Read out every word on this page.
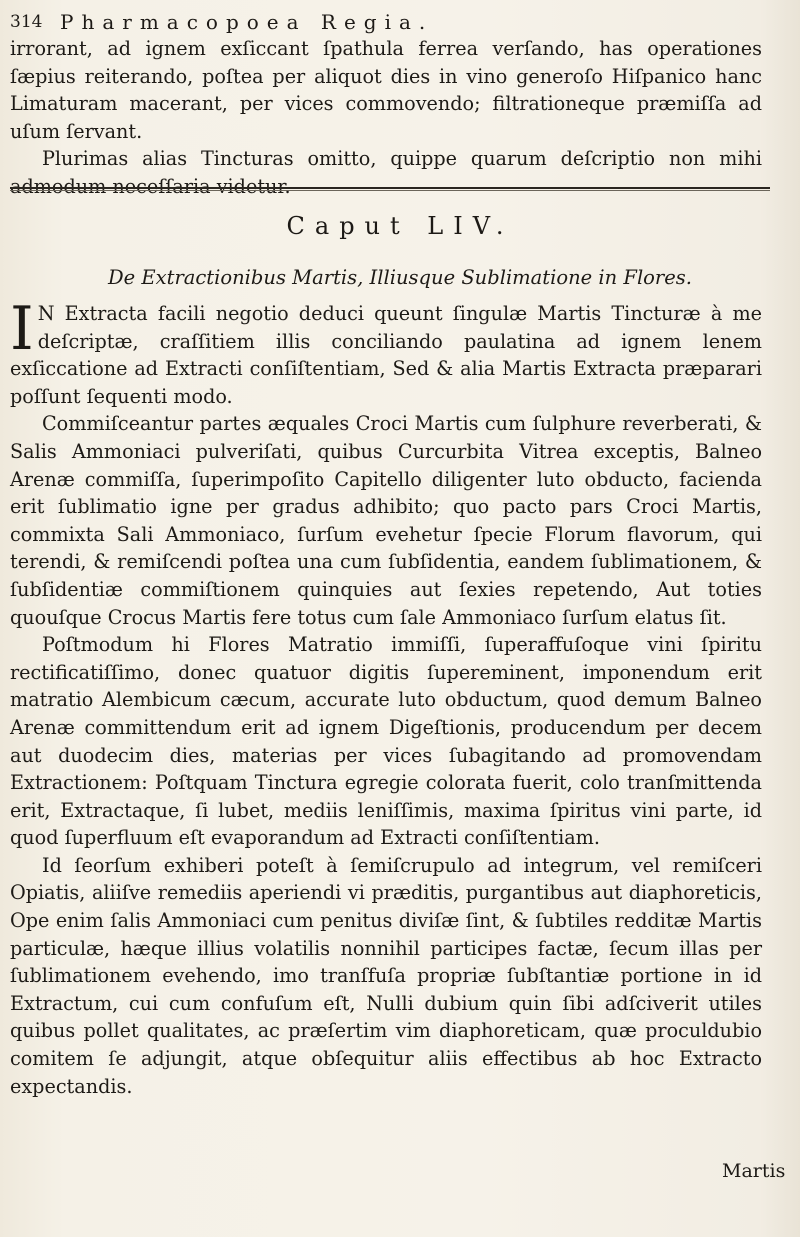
314 Pharmacopoea Regia.

irrorant, ad ignem exſiccant ſpathula ferrea verſando, has operationes ſæpius reiterando, poſtea per aliquot dies in vino generoſo Hiſpanico hanc Limaturam macerant, per vices commovendo; filtrationeque præmiſſa ad uſum ſervant.

Plurimas alias Tincturas omitto, quippe quarum deſcriptio non mihi admodum neceſſaria videtur.

Caput LIV.
De Extractionibus Martis, Illiusque Sublimatione in Flores.

I N Extracta facili negotio deduci queunt ſingulæ Martis Tincturæ à me deſcriptæ, craſſitiem illis conciliando paulatina ad ignem lenem exſiccatione ad Extracti conſiſtentiam, Sed & alia Martis Extracta præparari poſſunt ſequenti modo.

Commiſceantur partes æquales Croci Martis cum ſulphure reverberati, & Salis Ammoniaci pulveriſati, quibus Curcurbita Vitrea exceptis, Balneo Arenæ commiſſa, ſuperimpoſito Capitello diligenter luto obducto, facienda erit ſublimatio igne per gradus adhibito; quo pacto pars Croci Martis, commixta Sali Ammoniaco, ſurſum evehetur ſpecie Florum flavorum, qui terendi, & remiſcendi poſtea una cum ſubſidentia, eandem ſublimationem, & ſubſidentiæ commiſtionem quinquies aut ſexies repetendo, Aut toties quouſque Crocus Martis fere totus cum ſale Ammoniaco ſurſum elatus ſit.

Poſtmodum hi Flores Matratio immiſſi, ſuperaffuſoque vini ſpiritu rectificatiſſimo, donec quatuor digitis ſupereminent, imponendum erit matratio Alembicum cæcum, accurate luto obductum, quod demum Balneo Arenæ committendum erit ad ignem Digeſtionis, producendum per decem aut duodecim dies, materias per vices ſubagitando ad promovendam Extractionem: Poſtquam Tinctura egregie colorata fuerit, colo tranſmittenda erit, Extractaque, ſi lubet, mediis leniſſimis, maxima ſpiritus vini parte, id quod ſuperfluum eſt evaporandum ad Extracti conſiſtentiam.

Id ſeorſum exhiberi poteſt à ſemiſcrupulo ad integrum, vel remiſceri Opiatis, aliiſve remediis aperiendi vi præditis, purgantibus aut diaphoreticis, Ope enim ſalis Ammoniaci cum penitus diviſæ ſint, & ſubtiles redditæ Martis particulæ, hæque illius volatilis nonnihil participes factæ, ſecum illas per ſublimationem evehendo, imo tranſfuſa propriæ ſubſtantiæ portione in id Extractum, cui cum confuſum eſt, Nulli dubium quin ſibi adſciverit utiles quibus pollet qualitates, ac præſertim vim diaphoreticam, quæ proculdubio comitem ſe adjungit, atque obſequitur aliis effectibus ab hoc Extracto expectandis.

Martis
